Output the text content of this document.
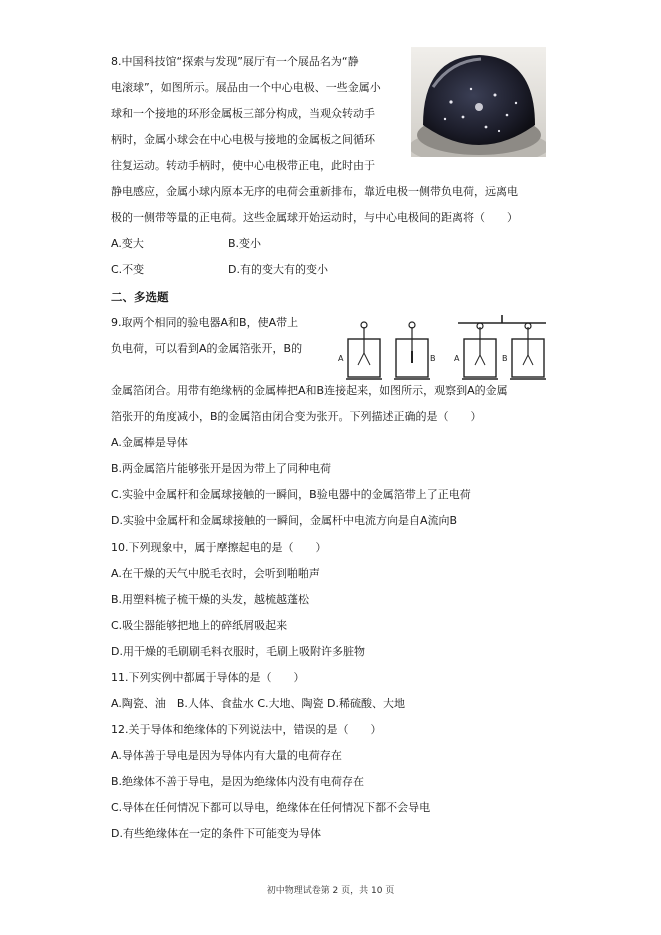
8.中国科技馆“探索与发现”展厅有一个展品名为“静
电滚球”，如图所示。展品由一个中心电极、一些金属小
球和一个接地的环形金属板三部分构成，当观众转动手
柄时，金属小球会在中心电极与接地的金属板之间循环
往复运动。转动手柄时，使中心电极带正电，此时由于
静电感应，金属小球内原本无序的电荷会重新排布，靠近电极一侧带负电荷，远离电
极的一侧带等量的正电荷。这些金属球开始运动时，与中心电极间的距离将（　　）
A.变大	B.变小
C.不变	D.有的变大有的变小
二、多选题
9.取两个相同的验电器A和B，使A带上
负电荷，可以看到A的金属箔张开，B的
金属箔闭合。用带有绝缘柄的金属棒把A和B连接起来，如图所示，观察到A的金属
箔张开的角度减小，B的金属箔由闭合变为张开。下列描述正确的是（　　）
A	B A	B
A.金属棒是导体
B.两金属箔片能够张开是因为带上了同种电荷
C.实验中金属杆和金属球接触的一瞬间，B验电器中的金属箔带上了正电荷
D.实验中金属杆和金属球接触的一瞬间，金属杆中电流方向是自A流向B
10.下列现象中，属于摩擦起电的是（　　）
A.在干燥的天气中脱毛衣时，会听到啪啪声
B.用塑料梳子梳干燥的头发，越梳越蓬松
C.吸尘器能够把地上的碎纸屑吸起来
D.用干燥的毛刷刷毛料衣服时，毛刷上吸附许多脏物
11.下列实例中都属于导体的是（　　）
A.陶瓷、油　B.人体、食盐水 C.大地、陶瓷 D.稀硫酸、大地
12.关于导体和绝缘体的下列说法中，错误的是（　　）
A.导体善于导电是因为导体内有大量的电荷存在
B.绝缘体不善于导电，是因为绝缘体内没有电荷存在
C.导体在任何情况下都可以导电，绝缘体在任何情况下都不会导电
D.有些绝缘体在一定的条件下可能变为导体
初中物理试卷第 2 页，共 10 页
